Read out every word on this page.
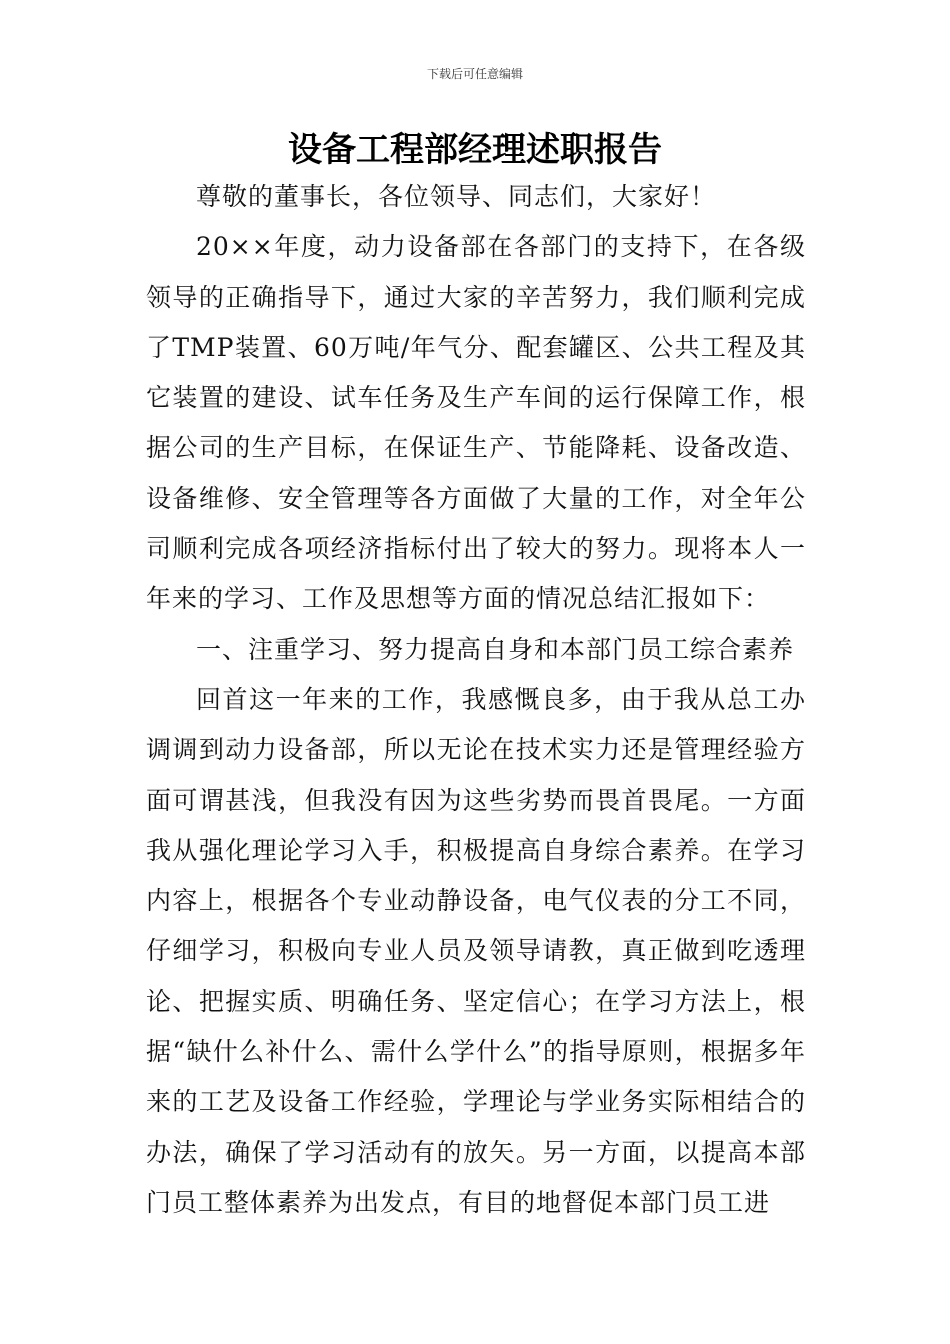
下载后可任意编辑
设备工程部经理述职报告

尊敬的董事长，各位领导、同志们，大家好！

20××年度，动力设备部在各部门的支持下，在各级领导的正确指导下，通过大家的辛苦努力，我们顺利完成了TMP装置、60万吨/年气分、配套罐区、公共工程及其它装置的建设、试车任务及生产车间的运行保障工作，根据公司的生产目标，在保证生产、节能降耗、设备改造、设备维修、安全管理等各方面做了大量的工作，对全年公司顺利完成各项经济指标付出了较大的努力。现将本人一年来的学习、工作及思想等方面的情况总结汇报如下：

一、注重学习、努力提高自身和本部门员工综合素养

回首这一年来的工作，我感慨良多，由于我从总工办调调到动力设备部，所以无论在技术实力还是管理经验方面可谓甚浅，但我没有因为这些劣势而畏首畏尾。一方面我从强化理论学习入手，积极提高自身综合素养。在学习内容上，根据各个专业动静设备，电气仪表的分工不同，仔细学习，积极向专业人员及领导请教，真正做到吃透理论、把握实质、明确任务、坚定信心；在学习方法上，根据“缺什么补什么、需什么学什么”的指导原则，根据多年来的工艺及设备工作经验，学理论与学业务实际相结合的办法，确保了学习活动有的放矢。另一方面，以提高本部门员工整体素养为出发点，有目的地督促本部门员工进
